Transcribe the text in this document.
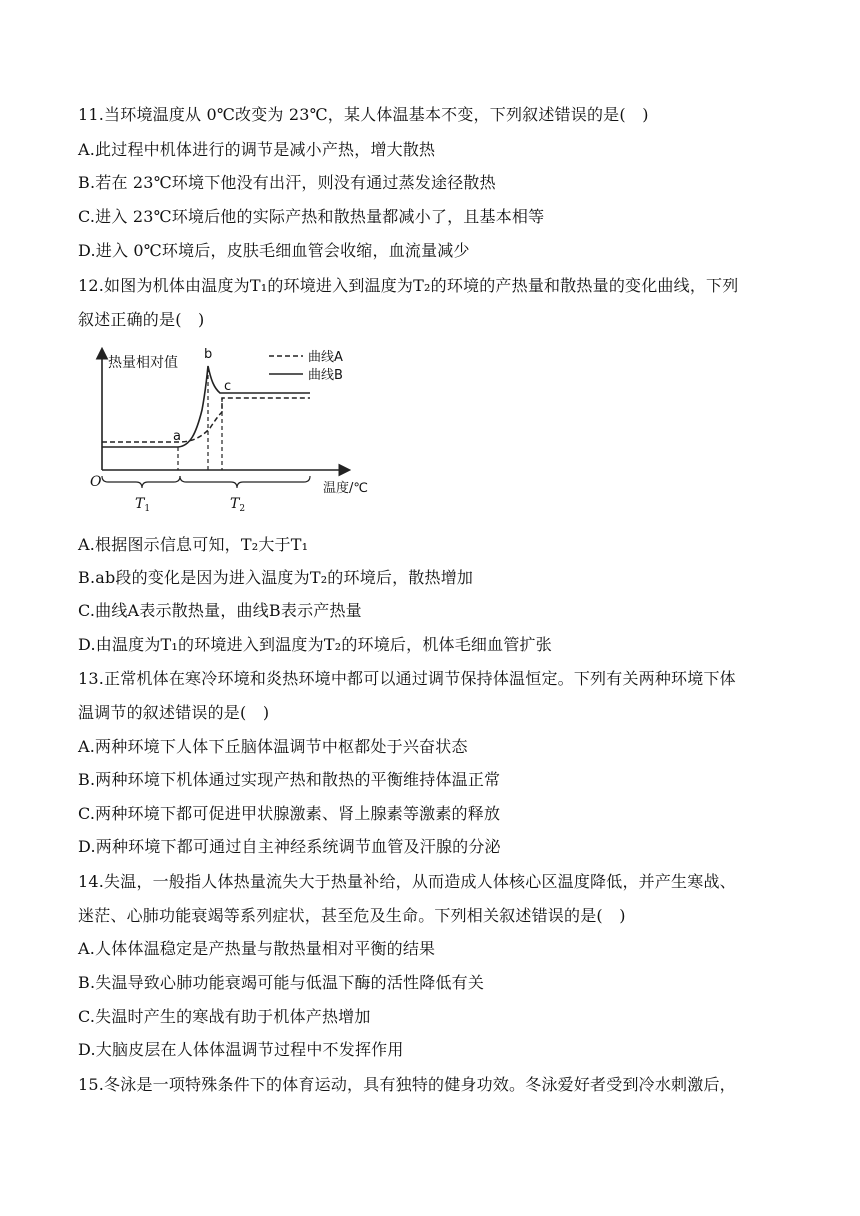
11.当环境温度从 0℃改变为 23℃，某人体温基本不变，下列叙述错误的是(  )
A.此过程中机体进行的调节是减小产热，增大散热
B.若在 23℃环境下他没有出汗，则没有通过蒸发途径散热
C.进入 23℃环境后他的实际产热和散热量都减小了，且基本相等
D.进入 0℃环境后，皮肤毛细血管会收缩，血流量减少
12.如图为机体由温度为T₁的环境进入到温度为T₂的环境的产热量和散热量的变化曲线，下列
叙述正确的是(  )
热量相对值
温度/℃
O
a
b
c
曲线A
曲线B
$T_1$	$T_2$
A.根据图示信息可知，T₂大于T₁
B.ab段的变化是因为进入温度为T₂的环境后，散热增加
C.曲线A表示散热量，曲线B表示产热量
D.由温度为T₁的环境进入到温度为T₂的环境后，机体毛细血管扩张
13.正常机体在寒冷环境和炎热环境中都可以通过调节保持体温恒定。下列有关两种环境下体
温调节的叙述错误的是(  )
A.两种环境下人体下丘脑体温调节中枢都处于兴奋状态
B.两种环境下机体通过实现产热和散热的平衡维持体温正常
C.两种环境下都可促进甲状腺激素、肾上腺素等激素的释放
D.两种环境下都可通过自主神经系统调节血管及汗腺的分泌
14.失温，一般指人体热量流失大于热量补给，从而造成人体核心区温度降低，并产生寒战、
迷茫、心肺功能衰竭等系列症状，甚至危及生命。下列相关叙述错误的是(  )
A.人体体温稳定是产热量与散热量相对平衡的结果
B.失温导致心肺功能衰竭可能与低温下酶的活性降低有关
C.失温时产生的寒战有助于机体产热增加
D.大脑皮层在人体体温调节过程中不发挥作用
15.冬泳是一项特殊条件下的体育运动，具有独特的健身功效。冬泳爱好者受到冷水刺激后，
